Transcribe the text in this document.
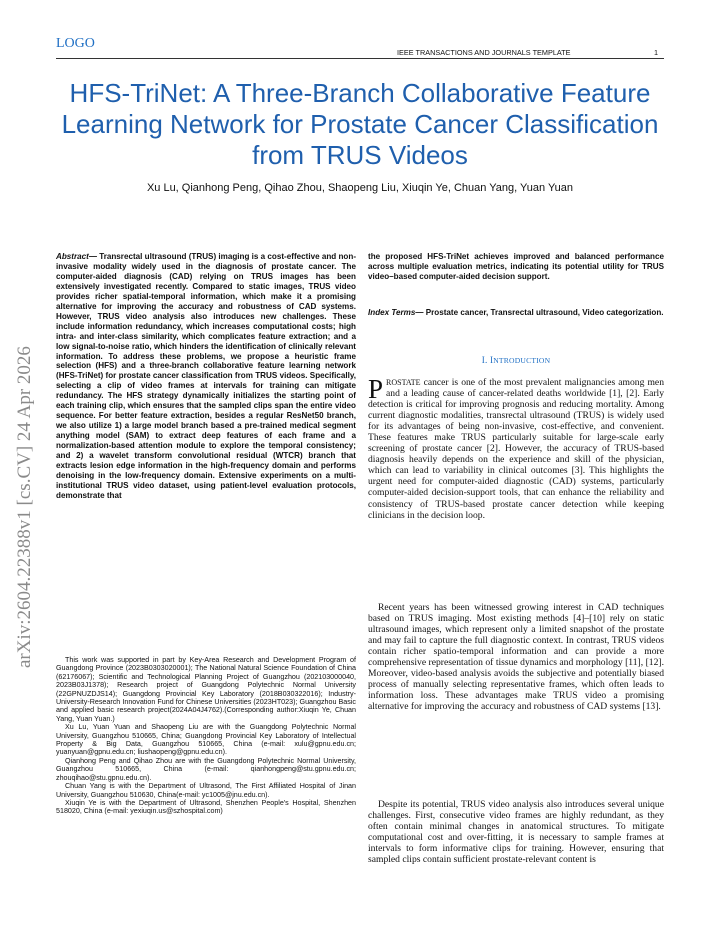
LOGO
IEEE TRANSACTIONS AND JOURNALS TEMPLATE	1
HFS-TriNet: A Three-Branch Collaborative Feature Learning Network for Prostate Cancer Classification from TRUS Videos
Xu Lu, Qianhong Peng, Qihao Zhou, Shaopeng Liu, Xiuqin Ye, Chuan Yang, Yuan Yuan
arXiv:2604.22388v1 [cs.CV] 24 Apr 2026
Abstract— Transrectal ultrasound (TRUS) imaging is a cost-effective and non-invasive modality widely used in the diagnosis of prostate cancer. The computer-aided diagnosis (CAD) relying on TRUS images has been extensively investigated recently. Compared to static images, TRUS video provides richer spatial-temporal information, which make it a promising alternative for improving the accuracy and robustness of CAD systems. However, TRUS video analysis also introduces new challenges. These include information redundancy, which increases computational costs; high intra- and inter-class similarity, which complicates feature extraction; and a low signal-to-noise ratio, which hinders the identification of clinically relevant information. To address these problems, we propose a heuristic frame selection (HFS) and a three-branch collaborative feature learning network (HFS-TriNet) for prostate cancer classification from TRUS videos. Specifically, selecting a clip of video frames at intervals for training can mitigate redundancy. The HFS strategy dynamically initializes the starting point of each training clip, which ensures that the sampled clips span the entire video sequence. For better feature extraction, besides a regular ResNet50 branch, we also utilize 1) a large model branch based a pre-trained medical segment anything model (SAM) to extract deep features of each frame and a normalization-based attention module to explore the temporal consistency; and 2) a wavelet transform convolutional residual (WTCR) branch that extracts lesion edge information in the high-frequency domain and performs denoising in the low-frequency domain. Extensive experiments on a multi-institutional TRUS video dataset, using patient-level evaluation protocols, demonstrate that

This work was supported in part by Key-Area Research and Development Program of Guangdong Province (2023B0303020001); The National Natural Science Foundation of China (62176067); Scientific and Technological Planning Project of Guangzhou (202103000040, 2023B03J1378); Research project of Guangdong Polytechnic Normal University (22GPNUZDJS14); Guangdong Provincial Key Laboratory (2018B030322016); Industry-University-Research Innovation Fund for Chinese Universities (2023HT023); Guangzhou Basic and applied basic research project(2024A04J4762).(Corresponding author:Xiuqin Ye, Chuan Yang, Yuan Yuan.)

Xu Lu, Yuan Yuan and Shaopeng Liu are with the Guangdong Polytechnic Normal University, Guangzhou 510665, China; Guangdong Provincial Key Laboratory of Intellectual Property & Big Data, Guangzhou 510665, China (e-mail: xulu@gpnu.edu.cn; yuanyuan@gpnu.edu.cn; liushaopeng@gpnu.edu.cn).

Qianhong Peng and Qihao Zhou are with the Guangdong Polytechnic Normal University, Guangzhou 510665, China (e-mail: qianhongpeng@stu.gpnu.edu.cn; zhouqihao@stu.gpnu.edu.cn).

Chuan Yang is with the Department of Ultrasond, The First Affiliated Hospital of Jinan University, Guangzhou 510630, China(e-mail: yc1005@jnu.edu.cn).

Xiuqin Ye is with the Department of Ultrasond, Shenzhen People's Hospital, Shenzhen 518020, China (e-mail: yexiuqin.us@szhospital.com)

the proposed HFS-TriNet achieves improved and balanced performance across multiple evaluation metrics, indicating its potential utility for TRUS video–based computer-aided decision support.
Index Terms— Prostate cancer, Transrectal ultrasound, Video categorization.
I. INTRODUCTION
PROSTATE cancer is one of the most prevalent malignancies among men and a leading cause of cancer-related deaths worldwide [1], [2]. Early detection is critical for improving prognosis and reducing mortality. Among current diagnostic modalities, transrectal ultrasound (TRUS) is widely used for its advantages of being non-invasive, cost-effective, and convenient. These features make TRUS particularly suitable for large-scale early screening of prostate cancer [2]. However, the accuracy of TRUS-based diagnosis heavily depends on the experience and skill of the physician, which can lead to variability in clinical outcomes [3]. This highlights the urgent need for computer-aided diagnostic (CAD) systems, particularly computer-aided decision-support tools, that can enhance the reliability and consistency of TRUS-based prostate cancer detection while keeping clinicians in the decision loop.
Recent years has been witnessed growing interest in CAD techniques based on TRUS imaging. Most existing methods [4]–[10] rely on static ultrasound images, which represent only a limited snapshot of the prostate and may fail to capture the full diagnostic context. In contrast, TRUS videos contain richer spatio-temporal information and can provide a more comprehensive representation of tissue dynamics and morphology [11], [12]. Moreover, video-based analysis avoids the subjective and potentially biased process of manually selecting representative frames, which often leads to information loss. These advantages make TRUS video a promising alternative for improving the accuracy and robustness of CAD systems [13].
Despite its potential, TRUS video analysis also introduces several unique challenges. First, consecutive video frames are highly redundant, as they often contain minimal changes in anatomical structures. To mitigate computational cost and over-fitting, it is necessary to sample frames at intervals to form informative clips for training. However, ensuring that sampled clips contain sufficient prostate-relevant content is
